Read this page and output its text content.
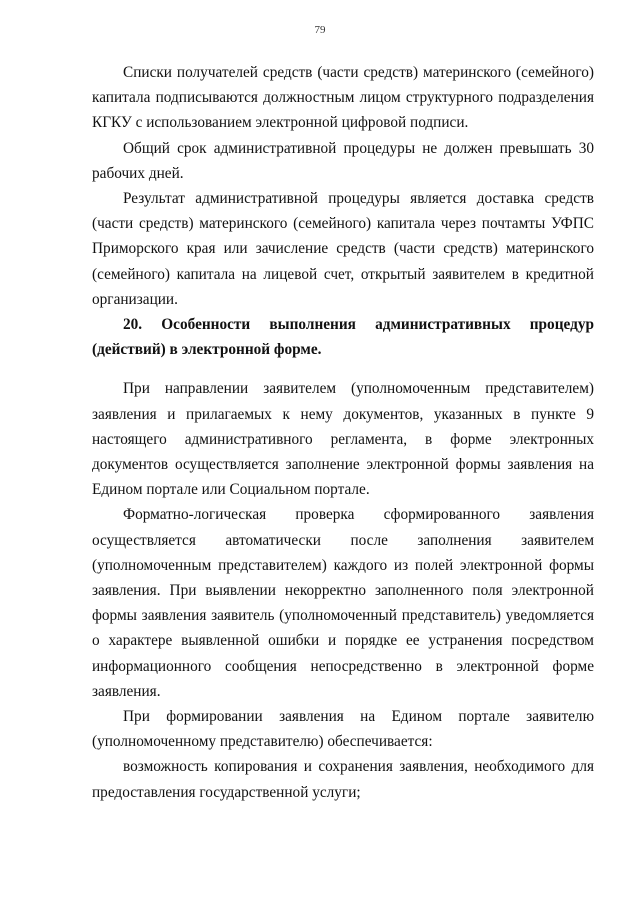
79

Списки получателей средств (части средств) материнского (семейного) капитала подписываются должностным лицом структурного подразделения КГКУ с использованием электронной цифровой подписи.

Общий срок административной процедуры не должен превышать 30 рабочих дней.

Результат административной процедуры является доставка средств (части средств) материнского (семейного) капитала через почтамты УФПС Приморского края или зачисление средств (части средств) материнского (семейного) капитала на лицевой счет, открытый заявителем в кредитной организации.

20. Особенности выполнения административных процедур (действий) в электронной форме.

При направлении заявителем (уполномоченным представителем) заявления и прилагаемых к нему документов, указанных в пункте 9 настоящего административного регламента, в форме электронных документов осуществляется заполнение электронной формы заявления на Едином портале или Социальном портале.

Форматно-логическая проверка сформированного заявления осуществляется автоматически после заполнения заявителем (уполномоченным представителем) каждого из полей электронной формы заявления. При выявлении некорректно заполненного поля электронной формы заявления заявитель (уполномоченный представитель) уведомляется о характере выявленной ошибки и порядке ее устранения посредством информационного сообщения непосредственно в электронной форме заявления.

При формировании заявления на Едином портале заявителю (уполномоченному представителю) обеспечивается:

возможность копирования и сохранения заявления, необходимого для предоставления государственной услуги;
